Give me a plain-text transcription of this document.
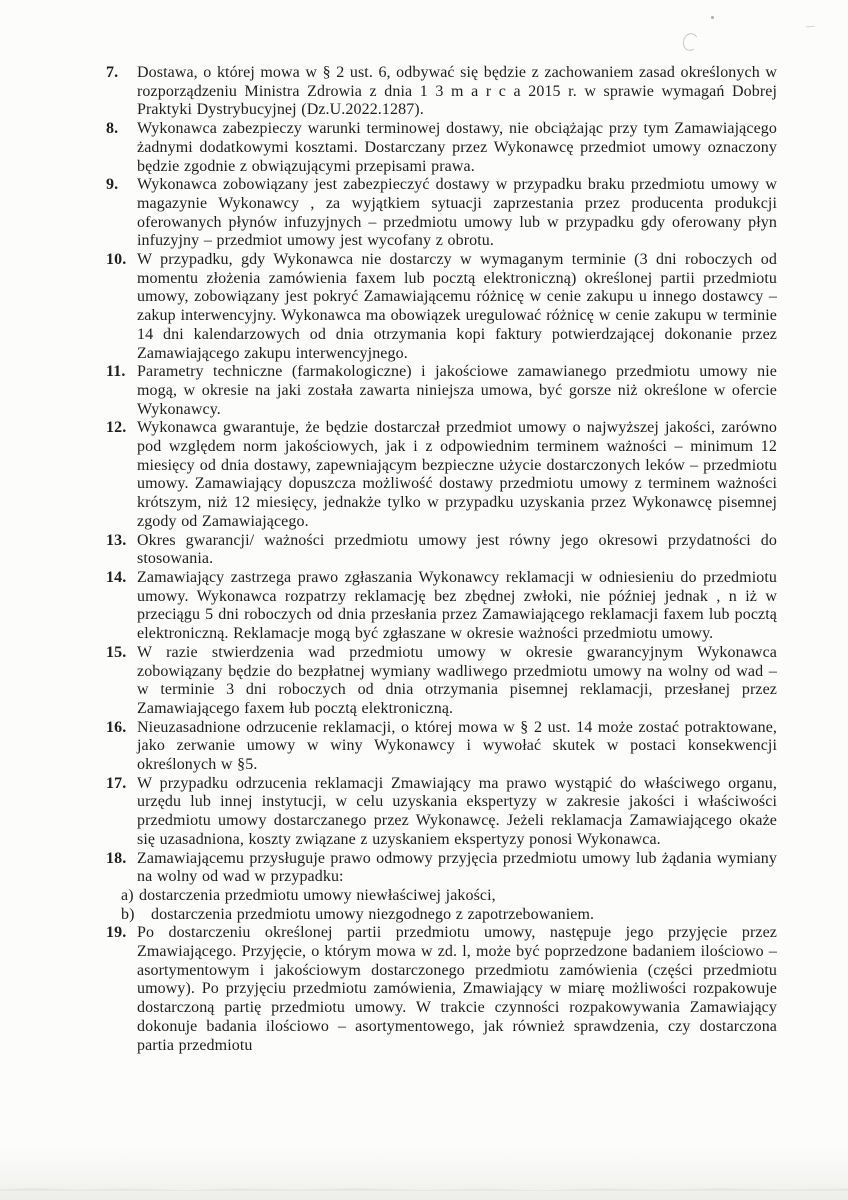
7.	Dostawa, o której mowa w § 2 ust. 6, odbywać się będzie z zachowaniem zasad określonych w rozporządzeniu Ministra Zdrowia z dnia 1 3 m a r c a 2015 r. w sprawie wymagań Dobrej Praktyki Dystrybucyjnej (Dz.U.2022.1287).
8.	Wykonawca zabezpieczy warunki terminowej dostawy, nie obciążając przy tym Zamawiającego żadnymi dodatkowymi kosztami. Dostarczany przez Wykonawcę przedmiot umowy oznaczony będzie zgodnie z obwiązującymi przepisami prawa.
9.	Wykonawca zobowiązany jest zabezpieczyć dostawy w przypadku braku przedmiotu umowy w magazynie Wykonawcy , za wyjątkiem sytuacji zaprzestania przez producenta produkcji oferowanych płynów infuzyjnych – przedmiotu umowy lub w przypadku gdy oferowany płyn infuzyjny – przedmiot umowy jest wycofany z obrotu.
10. W przypadku, gdy Wykonawca nie dostarczy w wymaganym terminie (3 dni roboczych od momentu złożenia zamówienia faxem lub pocztą elektroniczną) określonej partii przedmiotu umowy, zobowiązany jest pokryć Zamawiającemu różnicę w cenie zakupu u innego dostawcy – zakup interwencyjny. Wykonawca ma obowiązek uregulować różnicę w cenie zakupu w terminie 14 dni kalendarzowych od dnia otrzymania kopi faktury potwierdzającej dokonanie przez Zamawiającego zakupu interwencyjnego.
11. Parametry techniczne (farmakologiczne) i jakościowe zamawianego przedmiotu umowy nie mogą, w okresie na jaki została zawarta niniejsza umowa, być gorsze niż określone w ofercie Wykonawcy.
12. Wykonawca gwarantuje, że będzie dostarczał przedmiot umowy o najwyższej jakości, zarówno pod względem norm jakościowych, jak i z odpowiednim terminem ważności – minimum 12 miesięcy od dnia dostawy, zapewniającym bezpieczne użycie dostarczonych leków – przedmiotu umowy. Zamawiający dopuszcza możliwość dostawy przedmiotu umowy z terminem ważności krótszym, niż 12 miesięcy, jednakże tylko w przypadku uzyskania przez Wykonawcę pisemnej zgody od Zamawiającego.
13. Okres gwarancji/ ważności przedmiotu umowy jest równy jego okresowi przydatności do stosowania.
14. Zamawiający zastrzega prawo zgłaszania Wykonawcy reklamacji w odniesieniu do przedmiotu umowy. Wykonawca rozpatrzy reklamację bez zbędnej zwłoki, nie później jednak , n iż w przeciągu 5 dni roboczych od dnia przesłania przez Zamawiającego reklamacji faxem lub pocztą elektroniczną. Reklamacje mogą być zgłaszane w okresie ważności przedmiotu umowy.
15. W razie stwierdzenia wad przedmiotu umowy w okresie gwarancyjnym Wykonawca zobowiązany będzie do bezpłatnej wymiany wadliwego przedmiotu umowy na wolny od wad – w terminie 3 dni roboczych od dnia otrzymania pisemnej reklamacji, przesłanej przez Zamawiającego faxem łub pocztą elektroniczną.
16. Nieuzasadnione odrzucenie reklamacji, o której mowa w § 2 ust. 14 może zostać potraktowane, jako zerwanie umowy w winy Wykonawcy i wywołać skutek w postaci konsekwencji określonych w §5.
17. W przypadku odrzucenia reklamacji Zmawiający ma prawo wystąpić do właściwego organu, urzędu lub innej instytucji, w celu uzyskania ekspertyzy w zakresie jakości i właściwości przedmiotu umowy dostarczanego przez Wykonawcę. Jeżeli reklamacja Zamawiającego okaże się uzasadniona, koszty związane z uzyskaniem ekspertyzy ponosi Wykonawca.
18. Zamawiającemu przysługuje prawo odmowy przyjęcia przedmiotu umowy lub żądania wymiany na wolny od wad w przypadku:
a) dostarczenia przedmiotu umowy niewłaściwej jakości,
b)	dostarczenia przedmiotu umowy niezgodnego z zapotrzebowaniem.
19. Po dostarczeniu określonej partii przedmiotu umowy, następuje jego przyjęcie przez Zmawiającego. Przyjęcie, o którym mowa w zd. l, może być poprzedzone badaniem ilościowo – asortymentowym i jakościowym dostarczonego przedmiotu zamówienia (części przedmiotu umowy). Po przyjęciu przedmiotu zamówienia, Zmawiający w miarę możliwości rozpakowuje dostarczoną partię przedmiotu umowy. W trakcie czynności rozpakowywania Zamawiający dokonuje badania ilościowo – asortymentowego, jak również sprawdzenia, czy dostarczona partia przedmiotu
